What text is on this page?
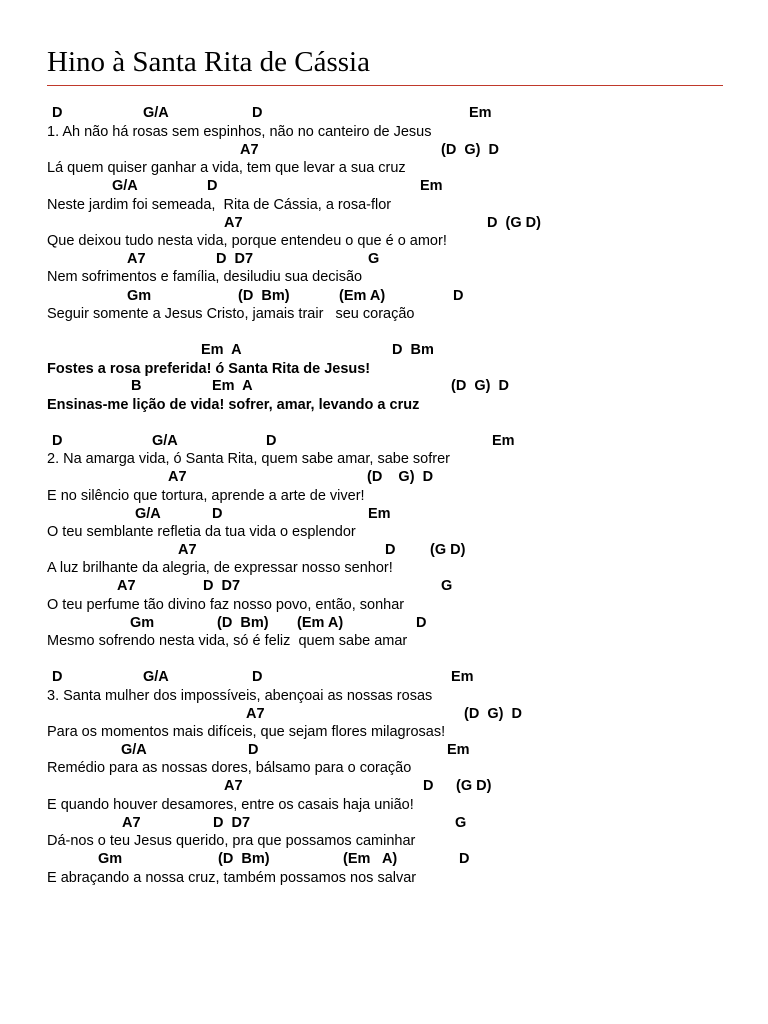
Hino à Santa Rita de Cássia
D	G/A	D	Em
1. Ah não há rosas sem espinhos, não no canteiro de Jesus
A7	(D  G)  D
Lá quem quiser ganhar a vida, tem que levar a sua cruz
G/A	D	Em
Neste jardim foi semeada,  Rita de Cássia, a rosa-flor
A7	D  (G D)
Que deixou tudo nesta vida, porque entendeu o que é o amor!
A7	D  D7	G
Nem sofrimentos e família, desiludiu sua decisão
Gm	(D  Bm)	(Em A)	D
Seguir somente a Jesus Cristo, jamais trair   seu coração
Em  A	D  Bm
Fostes a rosa preferida! ó Santa Rita de Jesus!
B	Em  A	(D  G)  D
Ensinas-me lição de vida! sofrer, amar, levando a cruz
D	G/A	D	Em
2. Na amarga vida, ó Santa Rita, quem sabe amar, sabe sofrer
A7	(D    G)  D
E no silêncio que tortura, aprende a arte de viver!
G/A	D	Em
O teu semblante refletia da tua vida o esplendor
A7	D (G D)
A luz brilhante da alegria, de expressar nosso senhor!
A7	D  D7	G
O teu perfume tão divino faz nosso povo, então, sonhar
Gm	(D  Bm) (Em A)	D
Mesmo sofrendo nesta vida, só é feliz  quem sabe amar
D	G/A	D	Em
3. Santa mulher dos impossíveis, abençoai as nossas rosas
A7	(D  G)  D
Para os momentos mais difíceis, que sejam flores milagrosas!
G/A	D	Em
Remédio para as nossas dores, bálsamo para o coração
A7	D (G D)
E quando houver desamores, entre os casais haja união!
A7	D  D7	G
Dá-nos o teu Jesus querido, pra que possamos caminhar
Gm	(D  Bm)	(Em   A)	D
E abraçando a nossa cruz, também possamos nos salvar
